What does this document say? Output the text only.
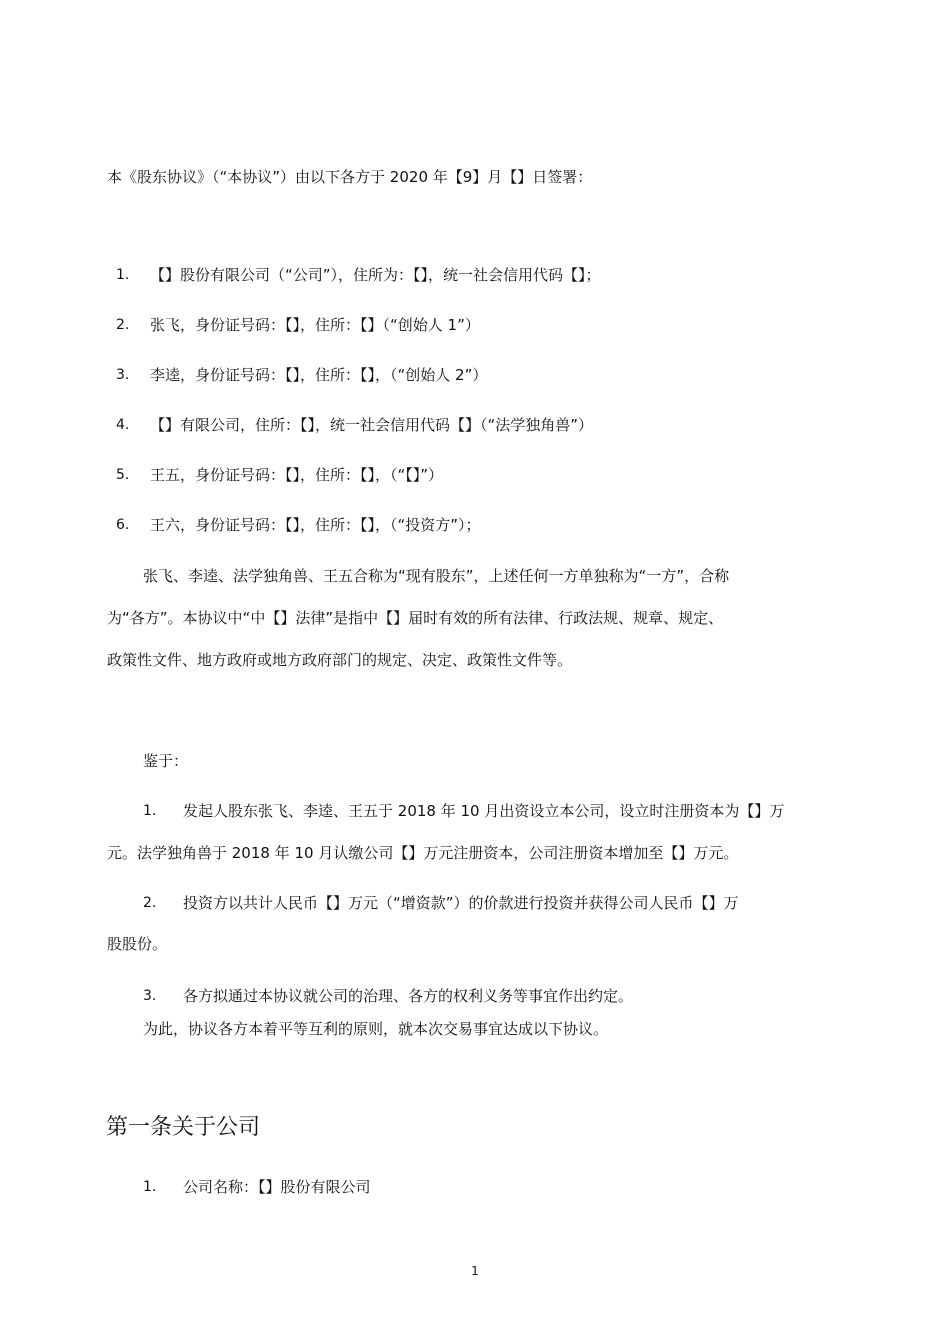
本《股东协议》（“本协议”）由以下各方于 2020 年【9】月【】日签署：
1. 【】股份有限公司（“公司”），住所为：【】，统一社会信用代码【】；
2. 张飞，身份证号码：【】，住所：【】（“创始人 1”）
3. 李逵，身份证号码：【】，住所：【】，（“创始人 2”）
4. 【】有限公司，住所：【】，统一社会信用代码【】（“法学独角兽”）
5. 王五，身份证号码：【】，住所：【】，（“【】”）
6. 王六，身份证号码：【】，住所：【】，（“投资方”）；
张飞、李逵、法学独角兽、王五合称为“现有股东”，上述任何一方单独称为“一方”，合称
为“各方”。本协议中“中【】法律”是指中【】届时有效的所有法律、行政法规、规章、规定、
政策性文件、地方政府或地方政府部门的规定、决定、政策性文件等。
鉴于：
1. 发起人股东张飞、李逵、王五于 2018 年 10 月出资设立本公司，设立时注册资本为【】万
元。法学独角兽于 2018 年 10 月认缴公司【】万元注册资本，公司注册资本增加至【】万元。
2. 投资方以共计人民币【】万元（“增资款”）的价款进行投资并获得公司人民币【】万
股股份。
3. 各方拟通过本协议就公司的治理、各方的权利义务等事宜作出约定。
为此，协议各方本着平等互利的原则，就本次交易事宜达成以下协议。
第一条关于公司
1. 公司名称：【】股份有限公司
1
